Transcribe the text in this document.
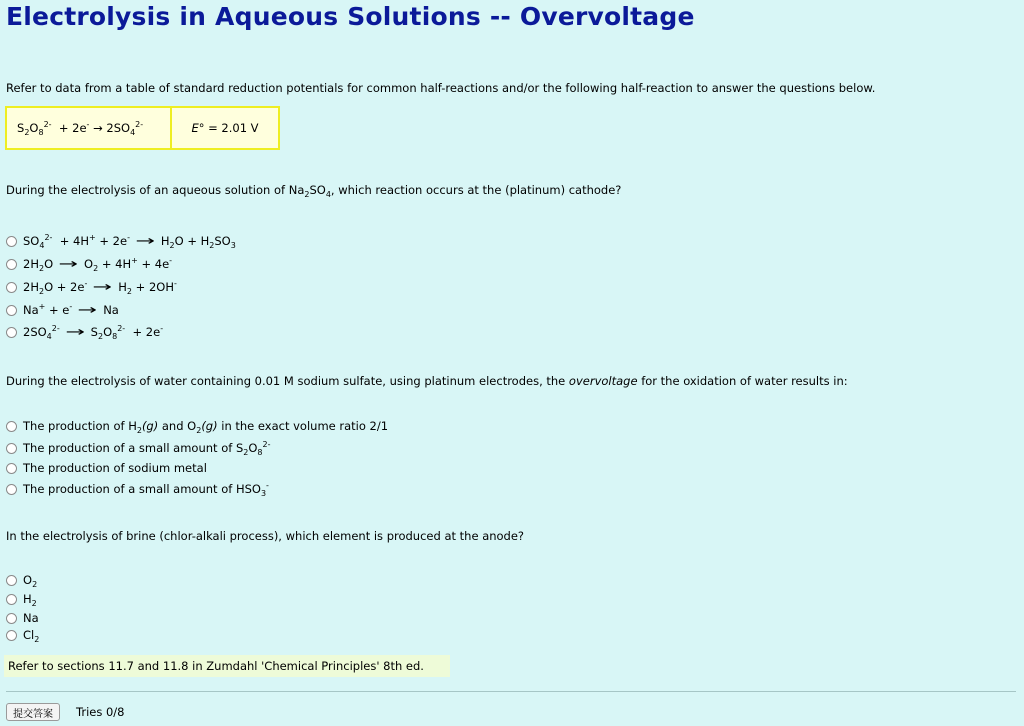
Electrolysis in Aqueous Solutions -- Overvoltage
Refer to data from a table of standard reduction potentials for common half-reactions and/or the following half-reaction to answer the questions below.
$S_2O_8^{2-} + 2e^- \to 2SO_4^{2-}$	E° = 2.01 V
During the electrolysis of an aqueous solution of $Na_2SO_4$, which reaction occurs at the (platinum) cathode?
$SO_4^{2-} + 4H^+ + 2e^- \to H_2O + H_2SO_3$
$2H_2O \to O_2 + 4H^+ + 4e^-$
$2H_2O + 2e^- \to H_2 + 2OH^-$
Na+ + e- → Na
$2SO_4^{2-} \to S_2O_8^{2-} + 2e^-$
During the electrolysis of water containing 0.01 M sodium sulfate, using platinum electrodes, the overvoltage for the oxidation of water results in:
The production of $H_2(g)$ and $O_2(g)$ in the exact volume ratio 2/1
The production of a small amount of $S_2O_8^{2-}$
The production of sodium metal
The production of a small amount of $HSO_3^-$
In the electrolysis of brine (chlor-alkali process), which element is produced at the anode?
$O_2$
$H_2$
Na
$Cl_2$
Refer to sections 11.7 and 11.8 in Zumdahl 'Chemical Principles' 8th ed.
提交答案	Tries 0/8
